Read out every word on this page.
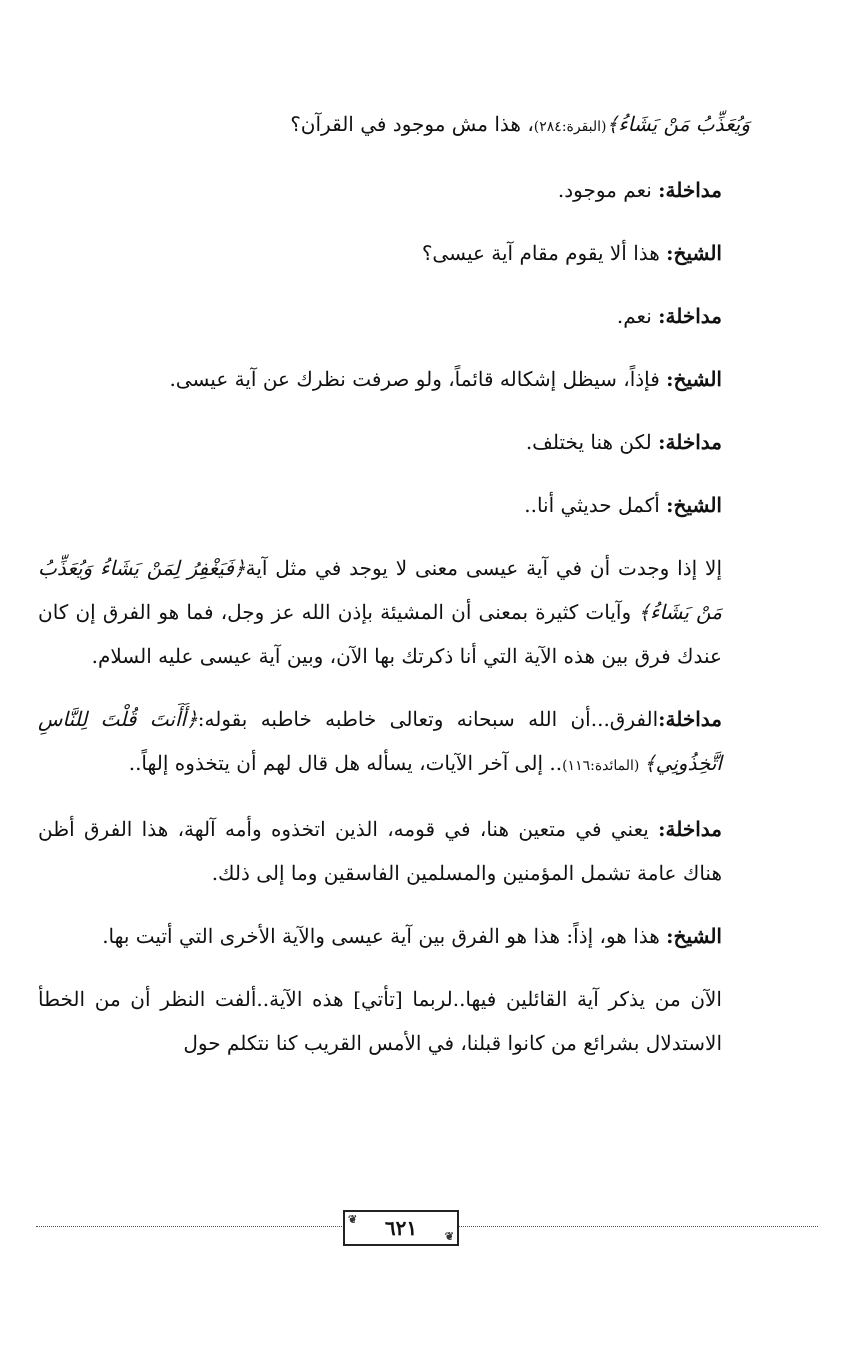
وَيُعَذِّبُ مَنْ يَشَاءُ﴾(البقرة:٢٨٤)، هذا مش موجود في القرآن؟

مداخلة: نعم موجود.

الشيخ: هذا ألا يقوم مقام آية عيسى؟

مداخلة: نعم.

الشيخ: فإذاً، سيظل إشكاله قائماً، ولو صرفت نظرك عن آية عيسى.

مداخلة: لكن هنا يختلف.

الشيخ: أكمل حديثي أنا..

إلا إذا وجدت أن في آية عيسى معنى لا يوجد في مثل آية﴿فَيَغْفِرُ لِمَنْ يَشَاءُ وَيُعَذِّبُ مَنْ يَشَاءُ﴾ وآيات كثيرة بمعنى أن المشيئة بإذن الله عز وجل، فما هو الفرق إن كان عندك فرق بين هذه الآية التي أنا ذكرتك بها الآن، وبين آية عيسى عليه السلام.

مداخلة:الفرق...أن الله سبحانه وتعالى خاطبه خاطبه بقوله:﴿أَأَنتَ قُلْتَ لِلنَّاسِ اتَّخِذُونِي﴾ (المائدة:١١٦).. إلى آخر الآيات، يسأله هل قال لهم أن يتخذوه إلهاً..

مداخلة: يعني في متعين هنا، في قومه، الذين اتخذوه وأمه آلهة، هذا الفرق أظن هناك عامة تشمل المؤمنين والمسلمين الفاسقين وما إلى ذلك.

الشيخ: هذا هو، إذاً: هذا هو الفرق بين آية عيسى والآية الأخرى التي أتيت بها.

الآن من يذكر آية القائلين فيها..لربما [تأتي] هذه الآية..ألفت النظر أن من الخطأ الاستدلال بشرائع من كانوا قبلنا، في الأمس القريب كنا نتكلم حول

❦ ٦٢١	❦
